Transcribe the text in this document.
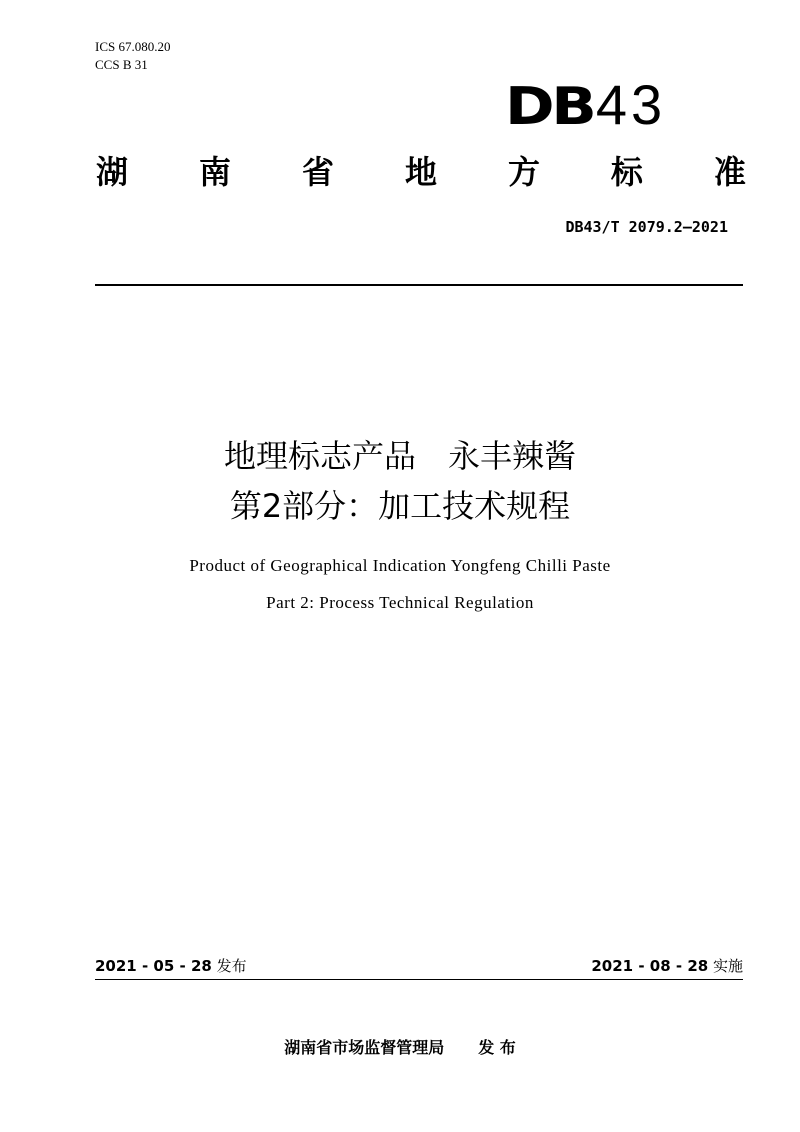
ICS 67.080.20
CCS B 31
DB 43
湖 南 省 地 方 标 准
DB43/T 2079.2—2021
地理标志产品　永丰辣酱
第2部分：加工技术规程
Product of Geographical Indication Yongfeng Chilli Paste
Part 2: Process Technical Regulation
2021 - 05 - 28 发布	2021 - 08 - 28 实施
湖南省市场监督管理局 发 布
